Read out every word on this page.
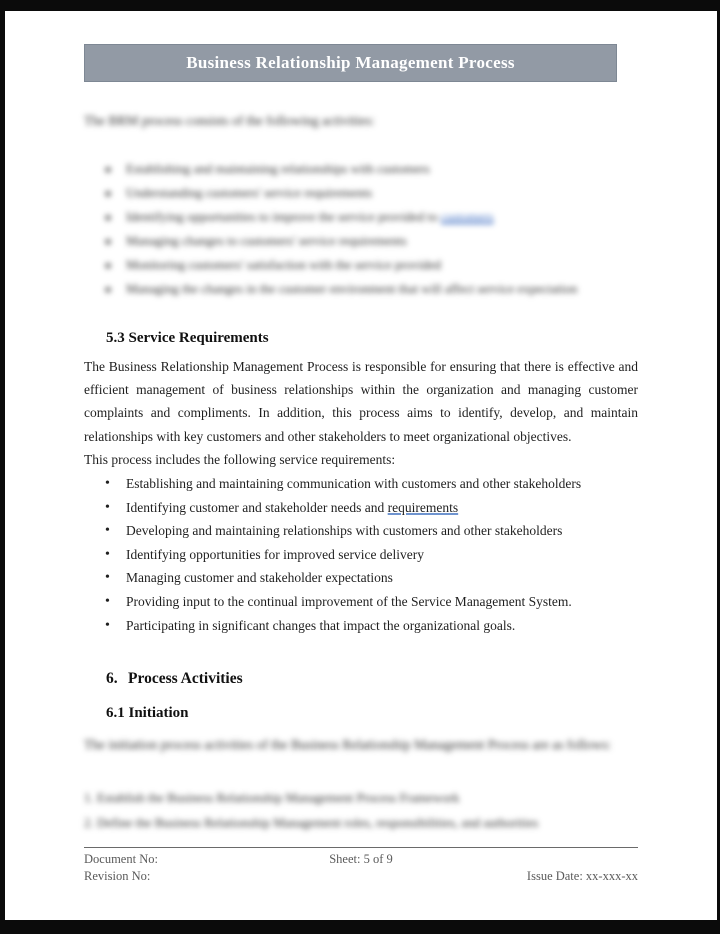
Business Relationship Management Process
The BRM process consists of the following activities:
❖ Establishing and maintaining relationships with customers
❖ Understanding customers' service requirements
❖ Identifying opportunities to improve the service provided to customers
❖ Managing changes to customers' service requirements
❖ Monitoring customers' satisfaction with the service provided
❖ Managing the changes in the customer environment that will affect service expectation
5.3 Service Requirements
The Business Relationship Management Process is responsible for ensuring that there is effective and efficient management of business relationships within the organization and managing customer complaints and compliments. In addition, this process aims to identify, develop, and maintain relationships with key customers and other stakeholders to meet organizational objectives.
This process includes the following service requirements:
• Establishing and maintaining communication with customers and other stakeholders
• Identifying customer and stakeholder needs and requirements
• Developing and maintaining relationships with customers and other stakeholders
• Identifying opportunities for improved service delivery
• Managing customer and stakeholder expectations
• Providing input to the continual improvement of the Service Management System.
• Participating in significant changes that impact the organizational goals.
6. Process Activities
6.1 Initiation
The initiation process activities of the Business Relationship Management Process are as follows:
1. Establish the Business Relationship Management Process Framework
2. Define the Business Relationship Management roles, responsibilities, and authorities
Document No:	Sheet: 5 of 9
Revision No:	Issue Date: xx-xxx-xx
